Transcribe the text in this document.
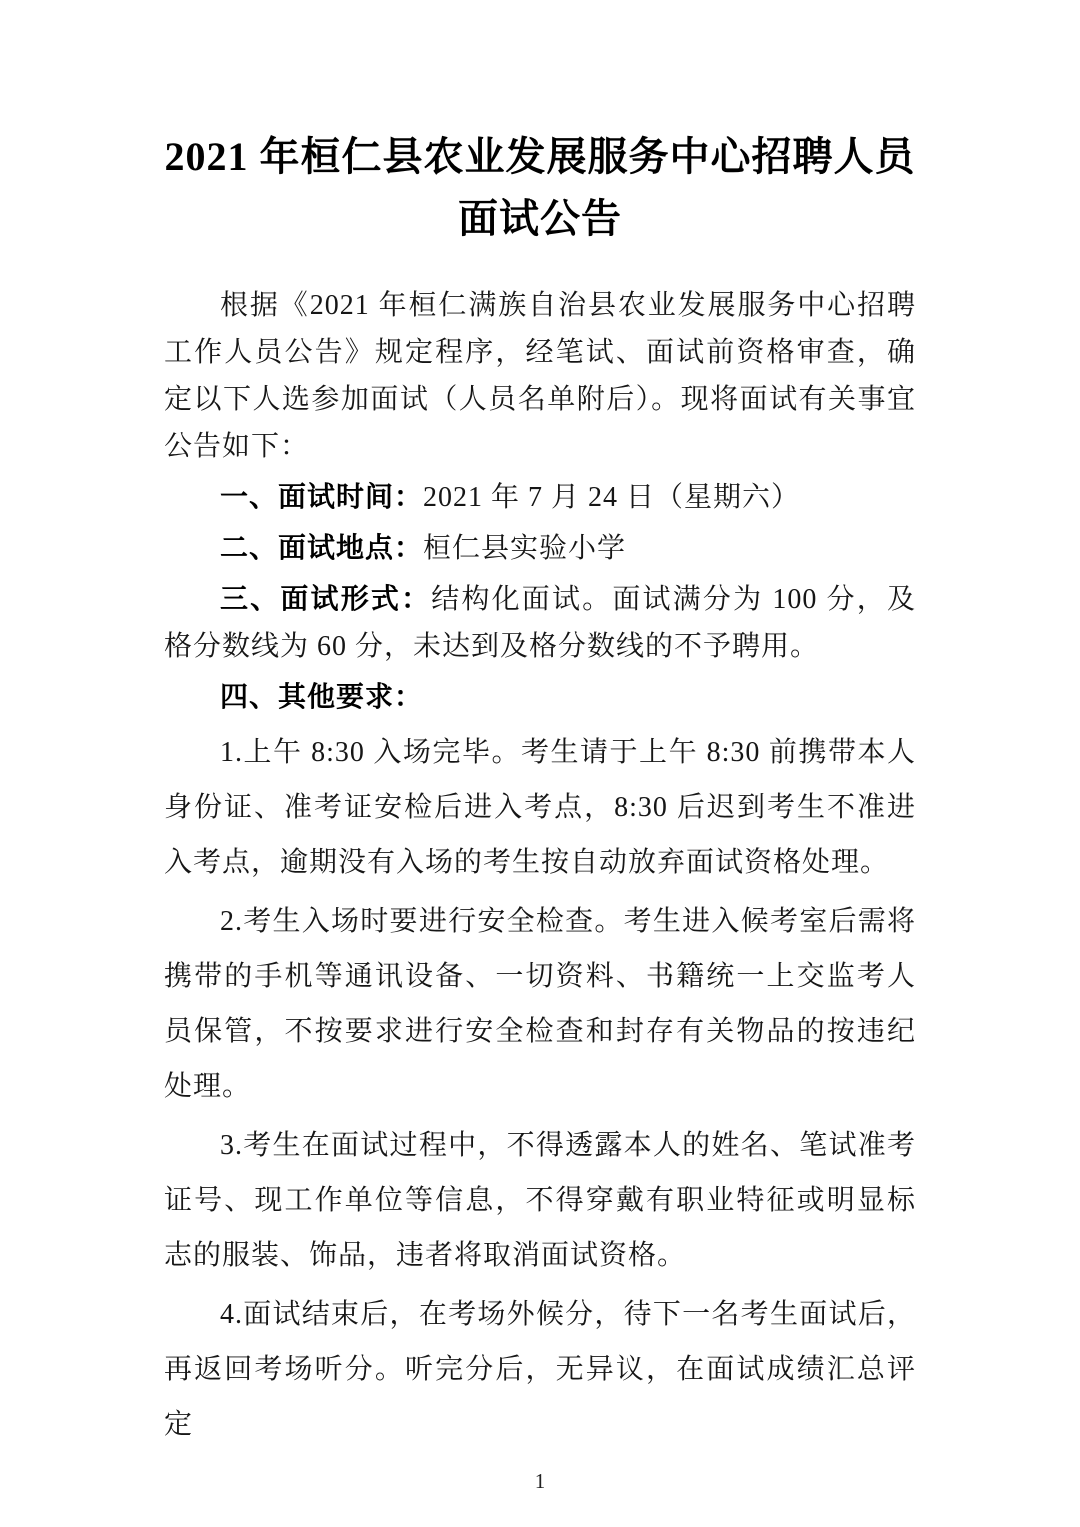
2021 年桓仁县农业发展服务中心招聘人员
面试公告

根据《2021 年桓仁满族自治县农业发展服务中心招聘工作人员公告》规定程序，经笔试、面试前资格审查，确定以下人选参加面试（人员名单附后）。现将面试有关事宜公告如下：

一、面试时间：2021 年 7 月 24 日（星期六）

二、面试地点：桓仁县实验小学

三、面试形式：结构化面试。面试满分为 100 分，及格分数线为 60 分，未达到及格分数线的不予聘用。

四、其他要求：

1.上午 8:30 入场完毕。考生请于上午 8:30 前携带本人身份证、准考证安检后进入考点，8:30 后迟到考生不准进入考点，逾期没有入场的考生按自动放弃面试资格处理。

2.考生入场时要进行安全检查。考生进入候考室后需将携带的手机等通讯设备、一切资料、书籍统一上交监考人员保管，不按要求进行安全检查和封存有关物品的按违纪处理。

3.考生在面试过程中，不得透露本人的姓名、笔试准考证号、现工作单位等信息，不得穿戴有职业特征或明显标志的服装、饰品，违者将取消面试资格。

4.面试结束后，在考场外候分，待下一名考生面试后，再返回考场听分。听完分后，无异议，在面试成绩汇总评定

1
